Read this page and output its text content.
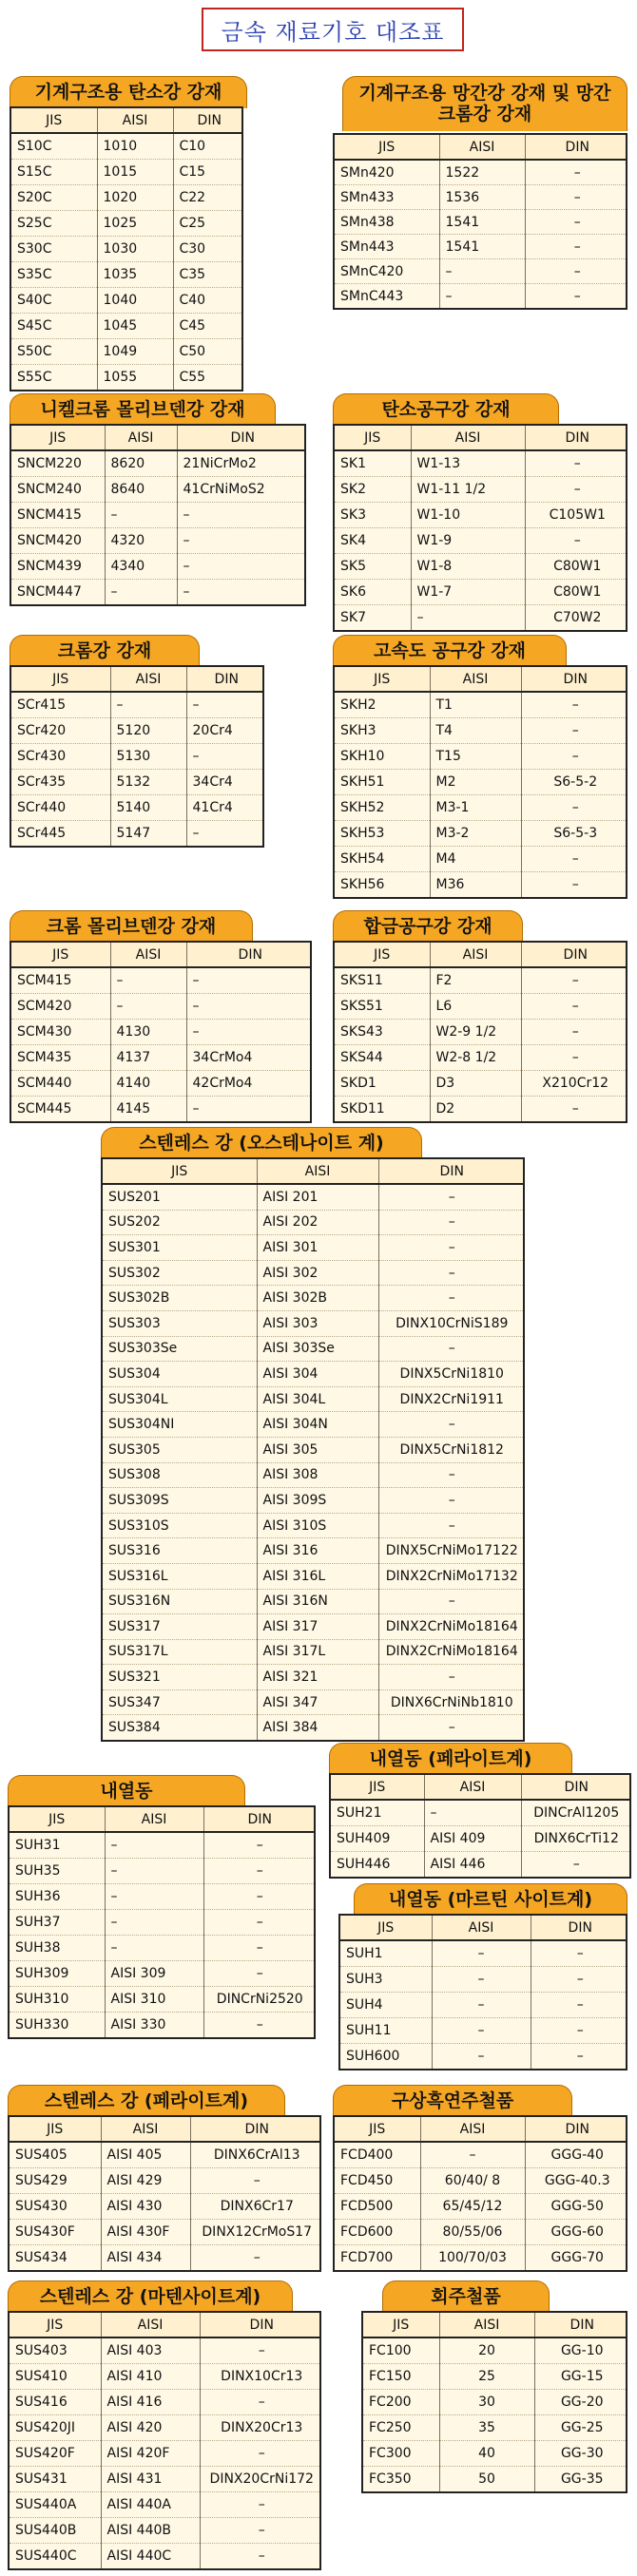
금속 재료기호 대조표
기계구조용 탄소강 강재
JIS	AISI	DIN
S10C	1010	C10
S15C	1015	C15
S20C	1020	C22
S25C	1025	C25
S30C	1030	C30
S35C	1035	C35
S40C	1040	C40
S45C	1045	C45
S50C	1049	C50
S55C	1055	C55
니켈크롬 몰리브덴강 강재
JIS	AISI	DIN
SNCM220	8620	21NiCrMo2
SNCM240	8640	41CrNiMoS2
SNCM415	–	–
SNCM420	4320	–
SNCM439	4340	–
SNCM447	–	–
크롬강 강재
JIS	AISI	DIN
SCr415	–	–
SCr420	5120	20Cr4
SCr430	5130	–
SCr435	5132	34Cr4
SCr440	5140	41Cr4
SCr445	5147	–
크롬 몰리브덴강 강재
JIS	AISI	DIN
SCM415	–	–
SCM420	–	–
SCM430	4130	–
SCM435	4137	34CrMo4
SCM440	4140	42CrMo4
SCM445	4145	–
기계구조용 망간강 강재 및 망간크롬강 강재
JIS	AISI	DIN
SMn420	1522	–
SMn433	1536	–
SMn438	1541	–
SMn443	1541	–
SMnC420	–	–
SMnC443	–	–
탄소공구강 강재
JIS	AISI	DIN
SK1	W1-13	–
SK2	W1-11 1/2	–
SK3	W1-10	C105W1
SK4	W1-9	–
SK5	W1-8	C80W1
SK6	W1-7	C80W1
SK7	–	C70W2
고속도 공구강 강재
JIS	AISI	DIN
SKH2	T1	–
SKH3	T4	–
SKH10	T15	–
SKH51	M2	S6-5-2
SKH52	M3-1	–
SKH53	M3-2	S6-5-3
SKH54	M4	–
SKH56	M36	–
합금공구강 강재
JIS	AISI	DIN
SKS11	F2	–
SKS51	L6	–
SKS43	W2-9 1/2	–
SKS44	W2-8 1/2	–
SKD1	D3	X210Cr12
SKD11	D2	–
스텐레스 강 (오스테나이트 계)
JIS	AISI	DIN
SUS201	AISI 201	–
SUS202	AISI 202	–
SUS301	AISI 301	–
SUS302	AISI 302	–
SUS302B	AISI 302B	–
SUS303	AISI 303	DINX10CrNiS189
SUS303Se	AISI 303Se	–
SUS304	AISI 304	DINX5CrNi1810
SUS304L	AISI 304L	DINX2CrNi1911
SUS304NI	AISI 304N	–
SUS305	AISI 305	DINX5CrNi1812
SUS308	AISI 308	–
SUS309S	AISI 309S	–
SUS310S	AISI 310S	–
SUS316	AISI 316	DINX5CrNiMo17122
SUS316L	AISI 316L	DINX2CrNiMo17132
SUS316N	AISI 316N	–
SUS317	AISI 317	DINX2CrNiMo18164
SUS317L	AISI 317L	DINX2CrNiMo18164
SUS321	AISI 321	–
SUS347	AISI 347	DINX6CrNiNb1810
SUS384	AISI 384	–
내열동 (페라이트계)
JIS	AISI	DIN
SUH21	–	DINCrAl1205
SUH409	AISI 409	DINX6CrTi12
SUH446	AISI 446	–
내열동
JIS	AISI	DIN
SUH31	–	–
SUH35	–	–
SUH36	–	–
SUH37	–	–
SUH38	–	–
SUH309	AISI 309	–
SUH310	AISI 310	DINCrNi2520
SUH330	AISI 330	–
내열동 (마르틴 사이트계)
JIS	AISI	DIN
SUH1	–	–
SUH3	–	–
SUH4	–	–
SUH11	–	–
SUH600	–	–
스텐레스 강 (페라이트계)
JIS	AISI	DIN
SUS405	AISI 405	DINX6CrAl13
SUS429	AISI 429	–
SUS430	AISI 430	DINX6Cr17
SUS430F	AISI 430F	DINX12CrMoS17
SUS434	AISI 434	–
구상흑연주철품
JIS	AISI	DIN
FCD400	–	GGG-40
FCD450	60/40/ 8	GGG-40.3
FCD500	65/45/12	GGG-50
FCD600	80/55/06	GGG-60
FCD700	100/70/03	GGG-70
스텐레스 강 (마텐사이트계)
JIS	AISI	DIN
SUS403	AISI 403	–
SUS410	AISI 410	DINX10Cr13
SUS416	AISI 416	–
SUS420JI	AISI 420	DINX20Cr13
SUS420F	AISI 420F	–
SUS431	AISI 431	DINX20CrNi172
SUS440A	AISI 440A	–
SUS440B	AISI 440B	–
SUS440C	AISI 440C	–
회주철품
JIS	AISI	DIN
FC100	20	GG-10
FC150	25	GG-15
FC200	30	GG-20
FC250	35	GG-25
FC300	40	GG-30
FC350	50	GG-35
